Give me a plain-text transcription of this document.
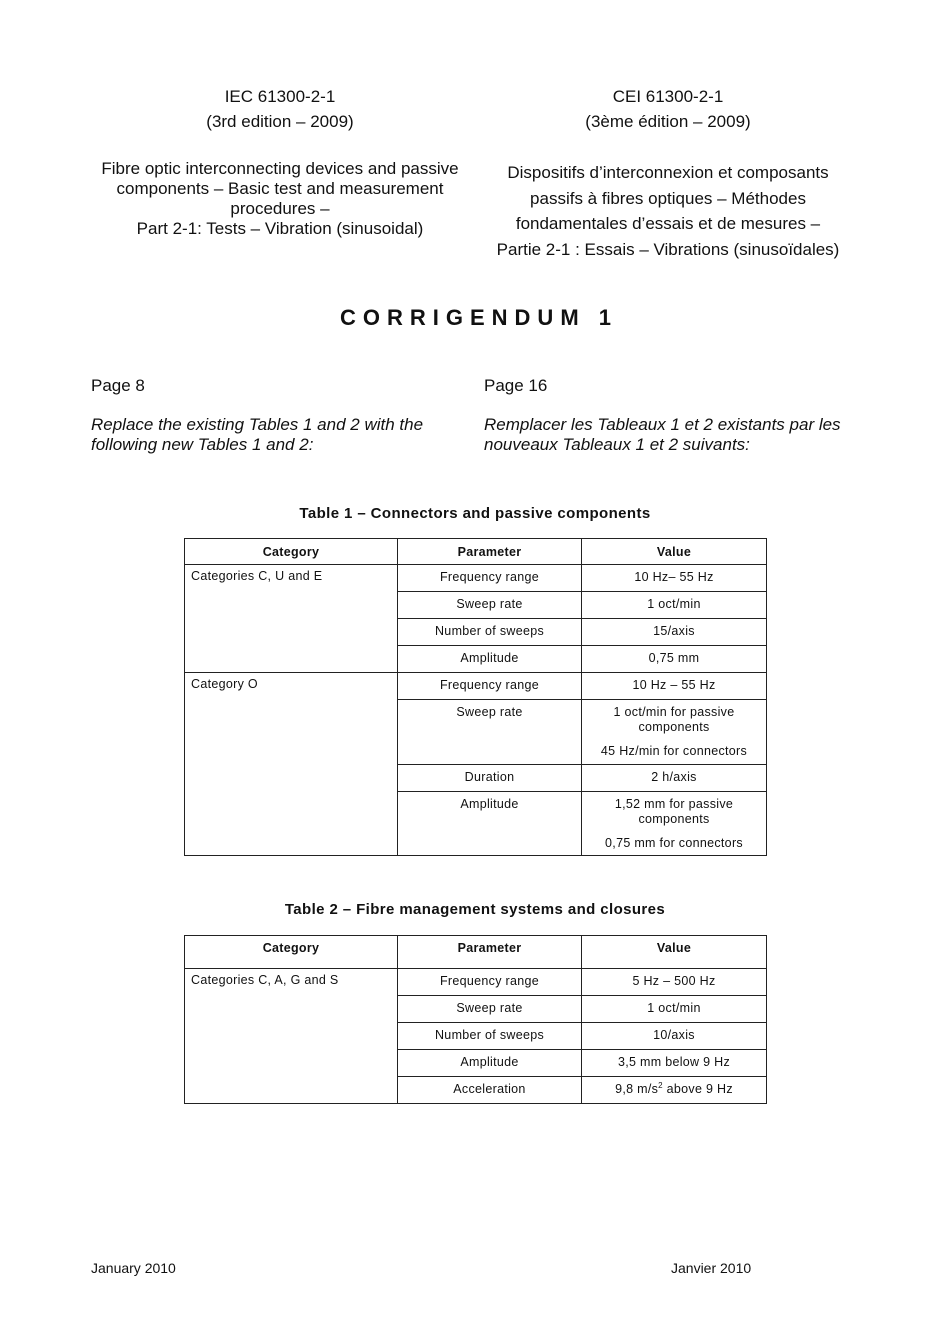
IEC 61300-2-1
(3rd edition – 2009)
Fibre optic interconnecting devices and passive
components – Basic test and measurement
procedures –
Part 2-1: Tests – Vibration (sinusoidal)
CEI 61300-2-1
(3ème édition – 2009)
Dispositifs d’interconnexion et composants
passifs à fibres optiques – Méthodes
fondamentales d’essais et de mesures –
Partie 2-1 : Essais – Vibrations (sinusoïdales)
CORRIGENDUM 1
Page 8
Replace the existing Tables 1 and 2 with the
following new Tables 1 and 2:
Page 16
Remplacer les Tableaux 1 et 2 existants par les
nouveaux Tableaux 1 et 2 suivants:
Table 1 – Connectors and passive components
Category	Parameter	Value

Categories C, U and E	Frequency range	10 Hz– 55 Hz

	Sweep rate	1 oct/min

	Number of sweeps	15/axis

	Amplitude	0,75 mm

Category O	Frequency range	10 Hz – 55 Hz

	Sweep rate	1 oct/min for passive
components
45 Hz/min for connectors

	Duration	2 h/axis

	Amplitude	1,52 mm for passive
components
0,75 mm for connectors
Table 2 – Fibre management systems and closures
Category	Parameter	Value

Categories C, A, G and S	Frequency range	5 Hz – 500 Hz

	Sweep rate	1 oct/min

	Number of sweeps	10/axis

	Amplitude	3,5 mm below 9 Hz

	Acceleration	9,8 $m/s^2$ above 9 Hz
January 2010	Janvier 2010
